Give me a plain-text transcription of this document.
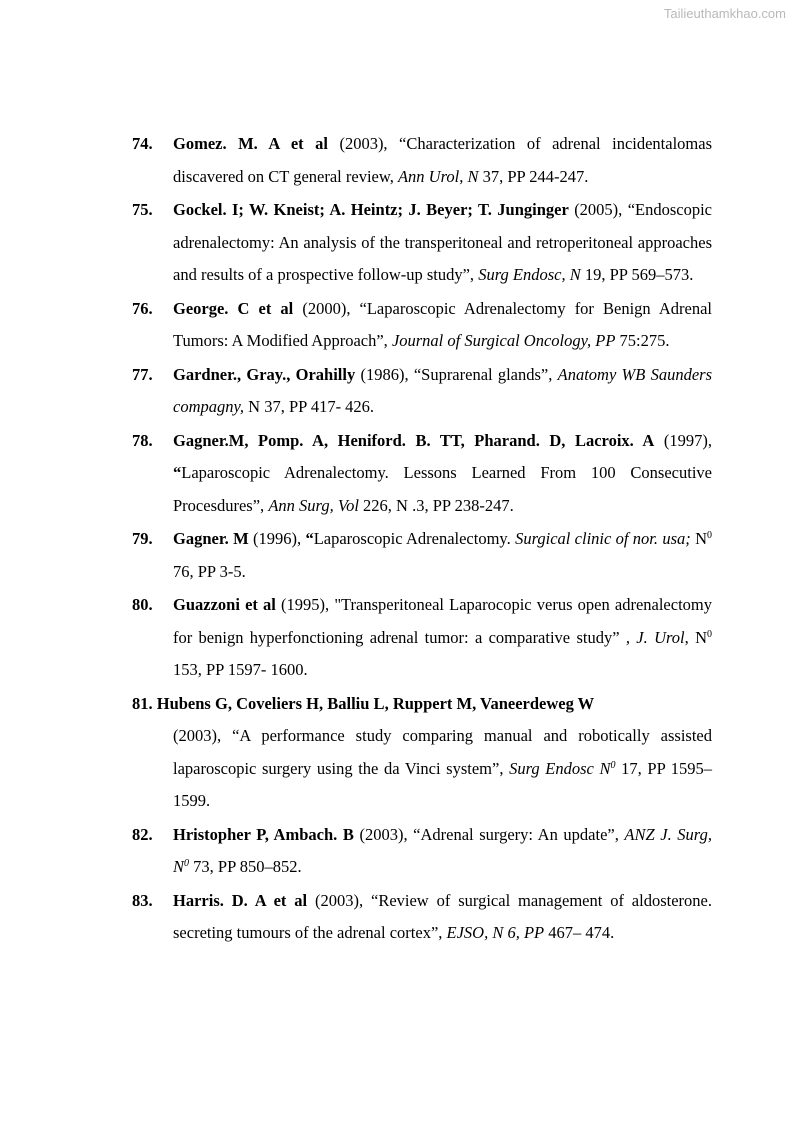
Tailieuthamkhao.com
74. Gomez. M. A et al (2003), “Characterization of adrenal incidentalomas discavered on CT general review, Ann Urol, N 37, PP 244-247.
75. Gockel. I; W. Kneist; A. Heintz; J. Beyer; T. Junginger (2005), “Endoscopic adrenalectomy: An analysis of the transperitoneal and retroperitoneal approaches and results of a prospective follow-up study”, Surg Endosc, N 19, PP 569–573.
76. George. C et al (2000), “Laparoscopic Adrenalectomy for Benign Adrenal Tumors: A Modified Approach”, Journal of Surgical Oncology, PP 75:275.
77. Gardner., Gray., Orahilly (1986), “Suprarenal glands”, Anatomy WB Saunders compagny, N 37, PP 417- 426.
78. Gagner.M, Pomp. A, Heniford. B. TT, Pharand. D, Lacroix. A (1997), “Laparoscopic Adrenalectomy. Lessons Learned From 100 Consecutive Procesdures”, Ann Surg, Vol 226, N .3, PP 238-247.
79. Gagner. M (1996), “Laparoscopic Adrenalectomy. Surgical clinic of nor. usa; $N^0$ 76, PP 3-5.
80. Guazzoni et al (1995), "Transperitoneal Laparocopic verus open adrenalectomy for benign hyperfonctioning adrenal tumor: a comparative study” , J. Urol, $N^0$ 153, PP 1597- 1600.
81. Hubens G, Coveliers H, Balliu L, Ruppert M, Vaneerdeweg W
(2003), “A performance study comparing manual and robotically assisted laparoscopic surgery using the da Vinci system”, Surg Endosc $N^0$ 17, PP 1595–1599.
82. Hristopher P, Ambach. B (2003), “Adrenal surgery: An update”, ANZ J. Surg, $N^0$ 73, PP 850–852.
83. Harris. D. A et al (2003), “Review of surgical management of aldosterone. secreting tumours of the adrenal cortex”, EJSO, N 6, PP 467– 474.
